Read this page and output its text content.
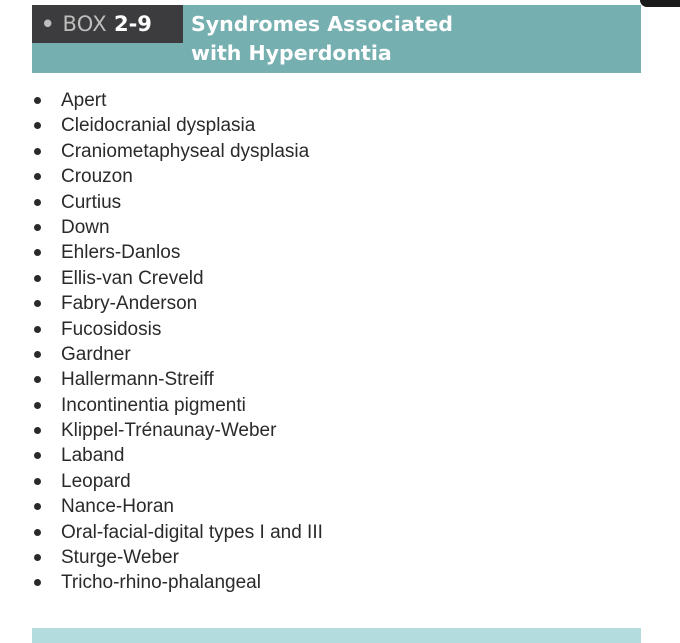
• BOX 2-9 Syndromes Associated
with Hyperdontia
Apert
Cleidocranial dysplasia
Craniometaphyseal dysplasia
Crouzon
Curtius
Down
Ehlers-Danlos
Ellis-van Creveld
Fabry-Anderson
Fucosidosis
Gardner
Hallermann-Streiff
Incontinentia pigmenti
Klippel-Trénaunay-Weber
Laband
Leopard
Nance-Horan
Oral-facial-digital types I and III
Sturge-Weber
Tricho-rhino-phalangeal
